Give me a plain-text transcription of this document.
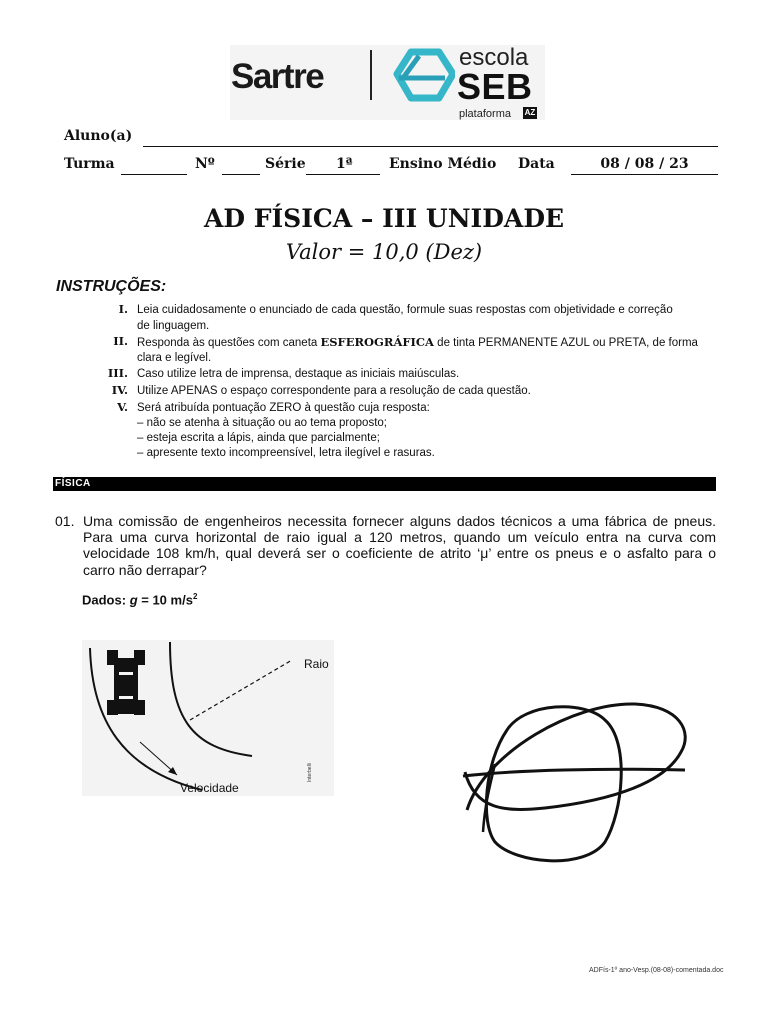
Sartre	escola
SEB
plataforma AZ
Aluno(a)
Turma	Nº	Série 1ª	Ensino Médio Data	08 / 08 / 23
AD FÍSICA – III UNIDADE
Valor = 10,0 (Dez)
INSTRUÇÕES:
I. Leia cuidadosamente o enunciado de cada questão, formule suas respostas com objetividade e correção
de linguagem.
II. Responda às questões com caneta ESFEROGRÁFICA de tinta PERMANENTE AZUL ou PRETA, de forma
clara e legível.
III. Caso utilize letra de imprensa, destaque as iniciais maiúsculas.
IV. Utilize APENAS o espaço correspondente para a resolução de cada questão.
V. Será atribuída pontuação ZERO à questão cuja resposta:
– não se atenha à situação ou ao tema proposto;
– esteja escrita a lápis, ainda que parcialmente;
– apresente texto incompreensível, letra ilegível e rasuras.
FÍSICA
01. Uma comissão de engenheiros necessita fornecer alguns dados técnicos a uma fábrica de pneus.
Para uma curva horizontal de raio igual a 120 metros, quando um veículo entra na curva com
velocidade 108 km/h, qual deverá ser o coeficiente de atrito ‘μ’ entre os pneus e o asfalto para o
carro não derrapar?
Dados: g = 10 $m/s^2$
Raio
Velocidade
Interbelli
ADFís-1º ano-Vesp.(08-08)-comentada.doc
